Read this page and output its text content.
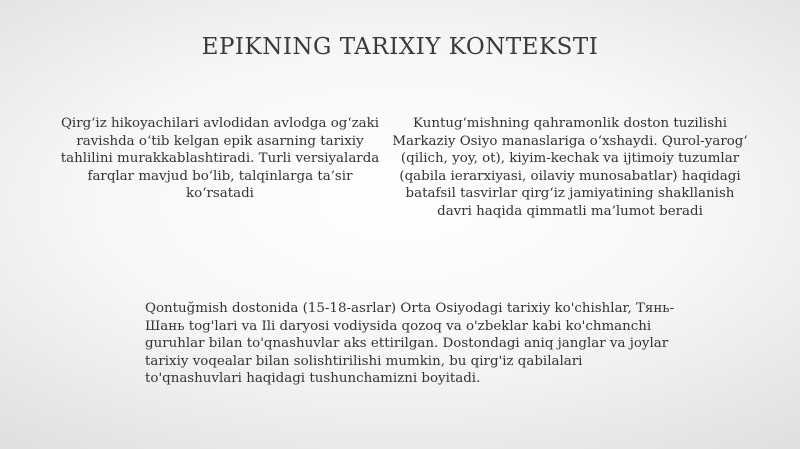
EPIKNING TARIXIY KONTEKSTI
Qirg‘iz hikoyachilari avlodidan avlodga og‘zaki ravishda o‘tib kelgan epik asarning tarixiy tahlilini murakkablashtiradi. Turli versiyalarda farqlar mavjud bo‘lib, talqinlarga ta’sir ko‘rsatadi
Kuntug‘mishning qahramonlik doston tuzilishi Markaziy Osiyo manaslariga o‘xshaydi. Qurol-yarog‘ (qilich, yoy, ot), kiyim-kechak va ijtimoiy tuzumlar (qabila ierarxiyasi, oilaviy munosabatlar) haqidagi batafsil tasvirlar qirg‘iz jamiyatining shakllanish davri haqida qimmatli ma’lumot beradi
Qontuğmish dostonida (15-18-asrlar) Orta Osiyodagi tarixiy ko'chishlar, Тянь-Шань tog'lari va Ili daryosi vodiysida qozoq va o'zbeklar kabi ko'chmanchi guruhlar bilan to'qnashuvlar aks ettirilgan. Dostondagi aniq janglar va joylar tarixiy voqealar bilan solishtirilishi mumkin, bu qirg'iz qabilalari to'qnashuvlari haqidagi tushunchamizni boyitadi.
